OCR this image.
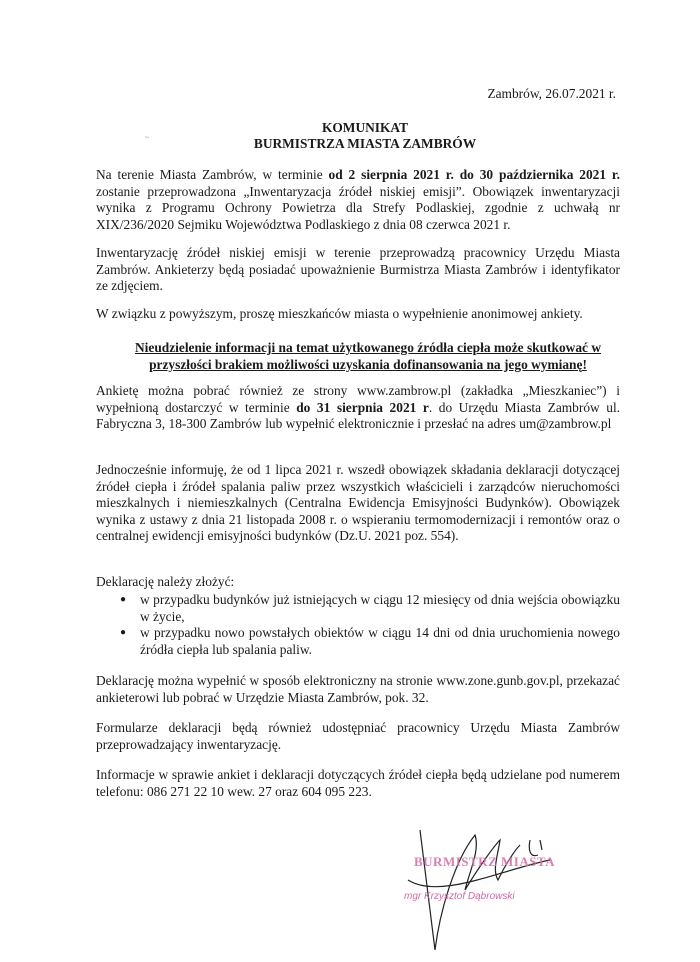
Zambrów, 26.07.2021 r.
KOMUNIKAT
BURMISTRZA MIASTA ZAMBRÓW
~
Na terenie Miasta Zambrów, w terminie od 2 sierpnia 2021 r. do 30 października 2021 r. zostanie przeprowadzona „Inwentaryzacja źródeł niskiej emisji”. Obowiązek inwentaryzacji wynika z Programu Ochrony Powietrza dla Strefy Podlaskiej, zgodnie z uchwałą nr XIX/236/2020 Sejmiku Województwa Podlaskiego z dnia 08 czerwca 2021 r.
Inwentaryzację źródeł niskiej emisji w terenie przeprowadzą pracownicy Urzędu Miasta Zambrów. Ankieterzy będą posiadać upoważnienie Burmistrza Miasta Zambrów i identyfikator ze zdjęciem.
W związku z powyższym, proszę mieszkańców miasta o wypełnienie anonimowej ankiety.
Nieudzielenie informacji na temat użytkowanego źródła ciepła może skutkować w przyszłości brakiem możliwości uzyskania dofinansowania na jego wymianę!
Ankietę można pobrać również ze strony www.zambrow.pl (zakładka „Mieszkaniec”) i wypełnioną dostarczyć w terminie do 31 sierpnia 2021 r. do Urzędu Miasta Zambrów ul. Fabryczna 3, 18-300 Zambrów lub wypełnić elektronicznie i przesłać na adres um@zambrow.pl
Jednocześnie informuję, że od 1 lipca 2021 r. wszedł obowiązek składania deklaracji dotyczącej źródeł ciepła i źródeł spalania paliw przez wszystkich właścicieli i zarządców nieruchomości mieszkalnych i niemieszkalnych (Centralna Ewidencja Emisyjności Budynków). Obowiązek wynika z ustawy z dnia 21 listopada 2008 r. o wspieraniu termomodernizacji i remontów oraz o centralnej ewidencji emisyjności budynków (Dz.U. 2021 poz. 554).
Deklarację należy złożyć:
● w przypadku budynków już istniejących w ciągu 12 miesięcy od dnia wejścia obowiązku w życie,
● w przypadku nowo powstałych obiektów w ciągu 14 dni od dnia uruchomienia nowego źródła ciepła lub spalania paliw.
Deklarację można wypełnić w sposób elektroniczny na stronie www.zone.gunb.gov.pl, przekazać ankieterowi lub pobrać w Urzędzie Miasta Zambrów, pok. 32.
Formularze deklaracji będą również udostępniać pracownicy Urzędu Miasta Zambrów przeprowadzający inwentaryzację.
Informacje w sprawie ankiet i deklaracji dotyczących źródeł ciepła będą udzielane pod numerem telefonu: 086 271 22 10 wew. 27 oraz 604 095 223.
BURMISTRZ MIASTA
mgr Krzysztof Dąbrowski
